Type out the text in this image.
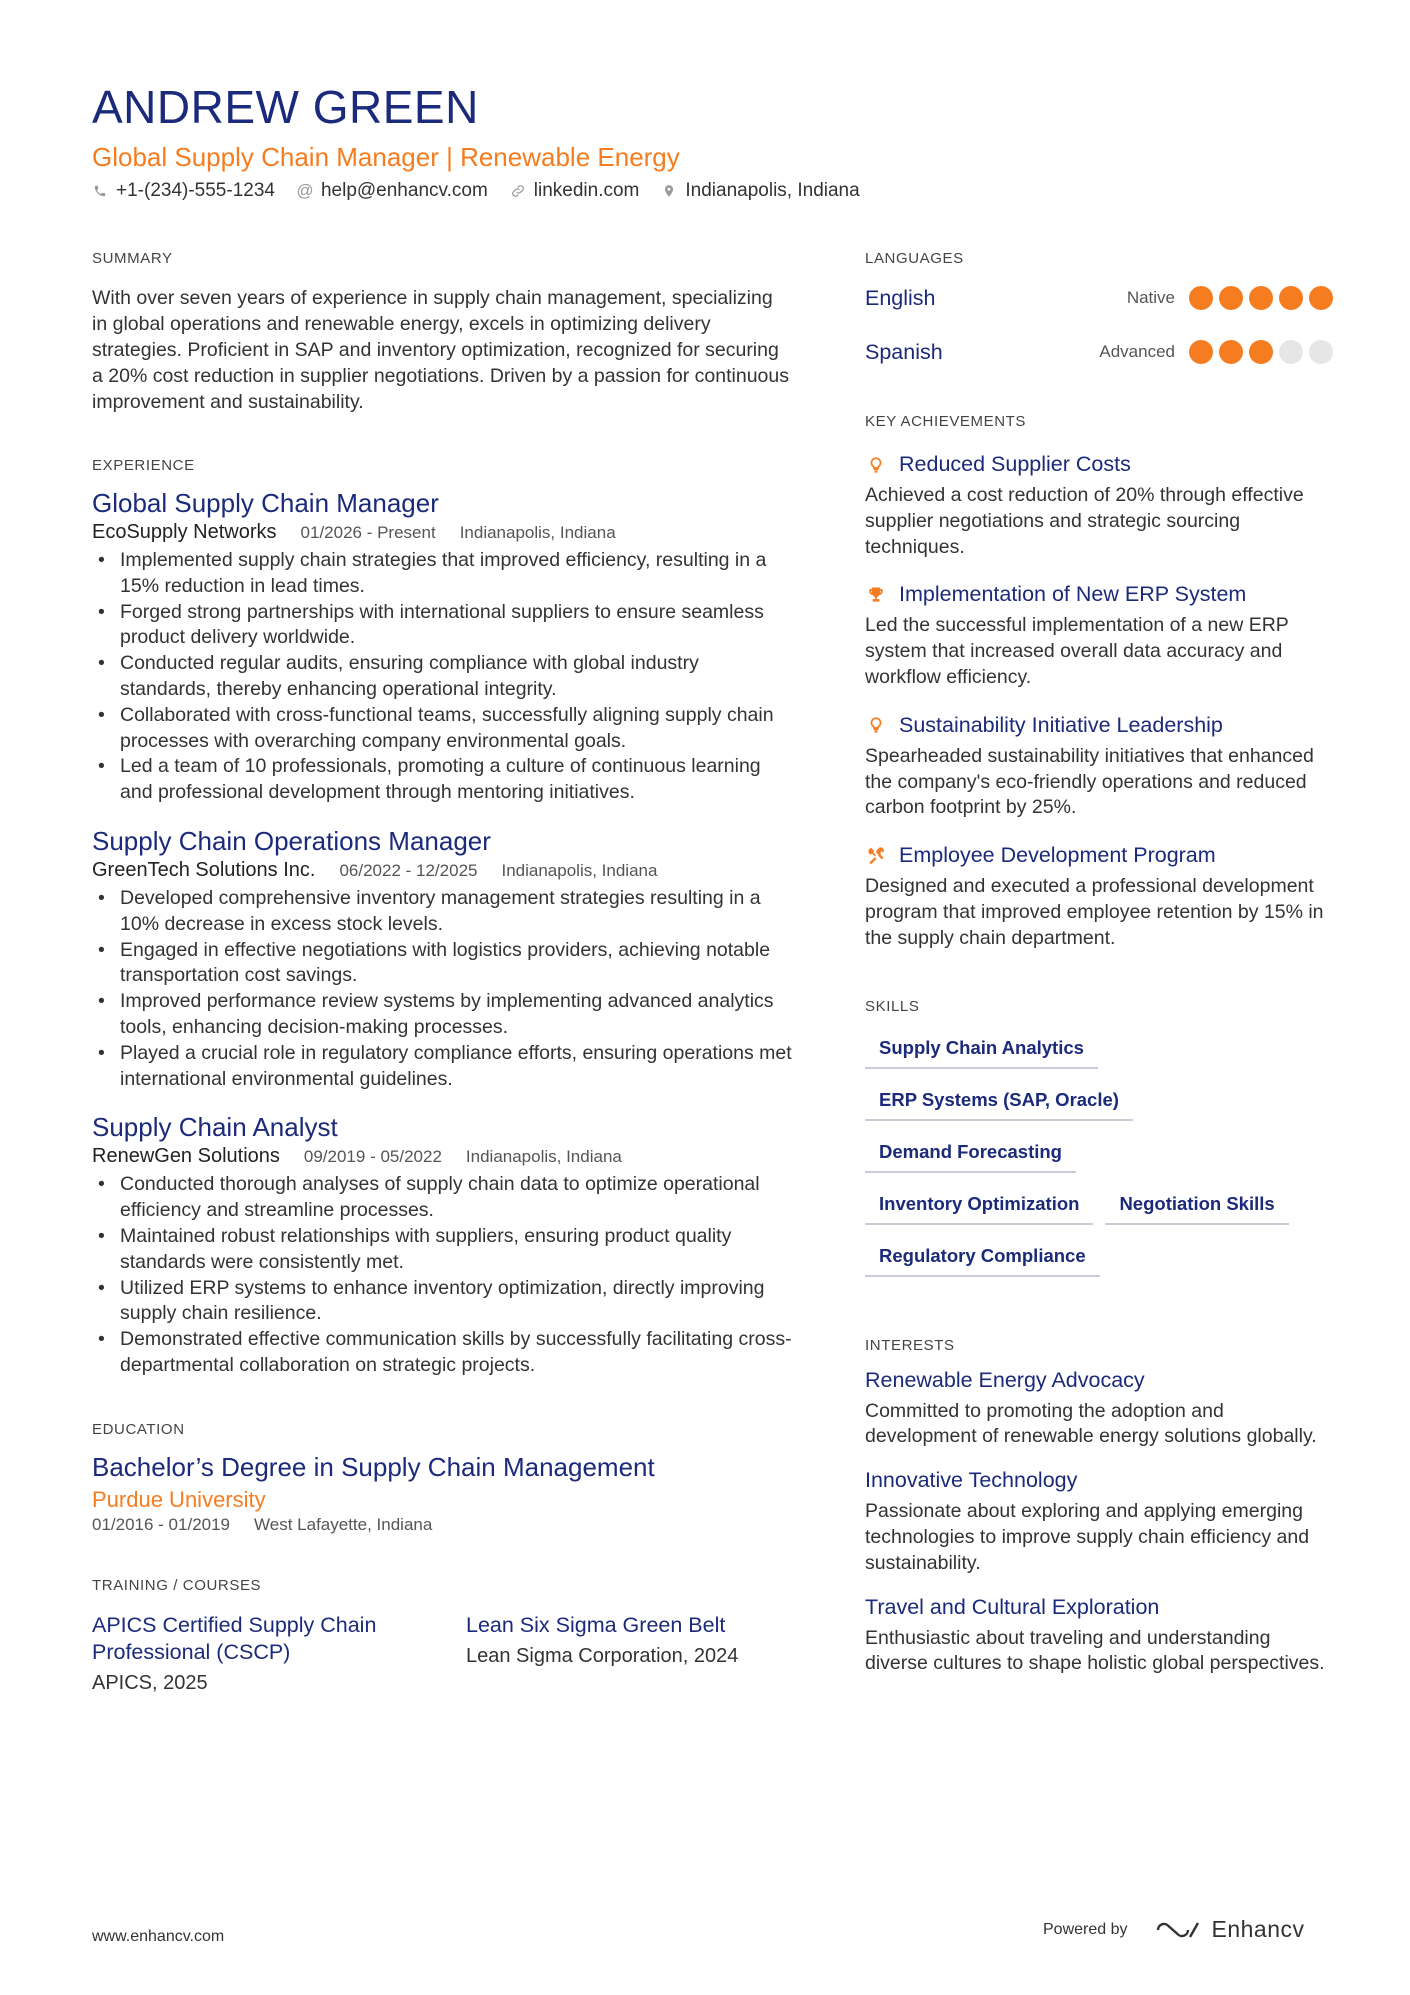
ANDREW GREEN
Global Supply Chain Manager | Renewable Energy
+1-(234)-555-1234 @ help@enhancv.com linkedin.com Indianapolis, Indiana
SUMMARY
With over seven years of experience in supply chain management, specializing in global operations and renewable energy, excels in optimizing delivery strategies. Proficient in SAP and inventory optimization, recognized for securing a 20% cost reduction in supplier negotiations. Driven by a passion for continuous improvement and sustainability.
EXPERIENCE
Global Supply Chain Manager
EcoSupply Networks 01/2026 - Present Indianapolis, Indiana
• Implemented supply chain strategies that improved efficiency, resulting in a 15% reduction in lead times.
• Forged strong partnerships with international suppliers to ensure seamless product delivery worldwide.
• Conducted regular audits, ensuring compliance with global industry standards, thereby enhancing operational integrity.
• Collaborated with cross-functional teams, successfully aligning supply chain processes with overarching company environmental goals.
• Led a team of 10 professionals, promoting a culture of continuous learning and professional development through mentoring initiatives.
Supply Chain Operations Manager
GreenTech Solutions Inc. 06/2022 - 12/2025 Indianapolis, Indiana
• Developed comprehensive inventory management strategies resulting in a 10% decrease in excess stock levels.
• Engaged in effective negotiations with logistics providers, achieving notable transportation cost savings.
• Improved performance review systems by implementing advanced analytics tools, enhancing decision-making processes.
• Played a crucial role in regulatory compliance efforts, ensuring operations met international environmental guidelines.
Supply Chain Analyst
RenewGen Solutions 09/2019 - 05/2022 Indianapolis, Indiana
• Conducted thorough analyses of supply chain data to optimize operational efficiency and streamline processes.
• Maintained robust relationships with suppliers, ensuring product quality standards were consistently met.
• Utilized ERP systems to enhance inventory optimization, directly improving supply chain resilience.
• Demonstrated effective communication skills by successfully facilitating cross-departmental collaboration on strategic projects.
EDUCATION
Bachelor’s Degree in Supply Chain Management
Purdue University
01/2016 - 01/2019 West Lafayette, Indiana
TRAINING / COURSES
APICS Certified Supply Chain Professional (CSCP)
APICS, 2025
Lean Six Sigma Green Belt
Lean Sigma Corporation, 2024
LANGUAGES
English	Native
Spanish	Advanced
KEY ACHIEVEMENTS
Reduced Supplier Costs
Achieved a cost reduction of 20% through effective supplier negotiations and strategic sourcing techniques.
Implementation of New ERP System
Led the successful implementation of a new ERP system that increased overall data accuracy and workflow efficiency.
Sustainability Initiative Leadership
Spearheaded sustainability initiatives that enhanced the company's eco-friendly operations and reduced carbon footprint by 25%.
Employee Development Program
Designed and executed a professional development program that improved employee retention by 15% in the supply chain department.
SKILLS
Supply Chain Analytics
ERP Systems (SAP, Oracle)
Demand Forecasting
Inventory Optimization	Negotiation Skills
Regulatory Compliance
INTERESTS
Renewable Energy Advocacy
Committed to promoting the adoption and development of renewable energy solutions globally.
Innovative Technology
Passionate about exploring and applying emerging technologies to improve supply chain efficiency and sustainability.
Travel and Cultural Exploration
Enthusiastic about traveling and understanding diverse cultures to shape holistic global perspectives.
www.enhancv.com	Powered by	Enhancv
